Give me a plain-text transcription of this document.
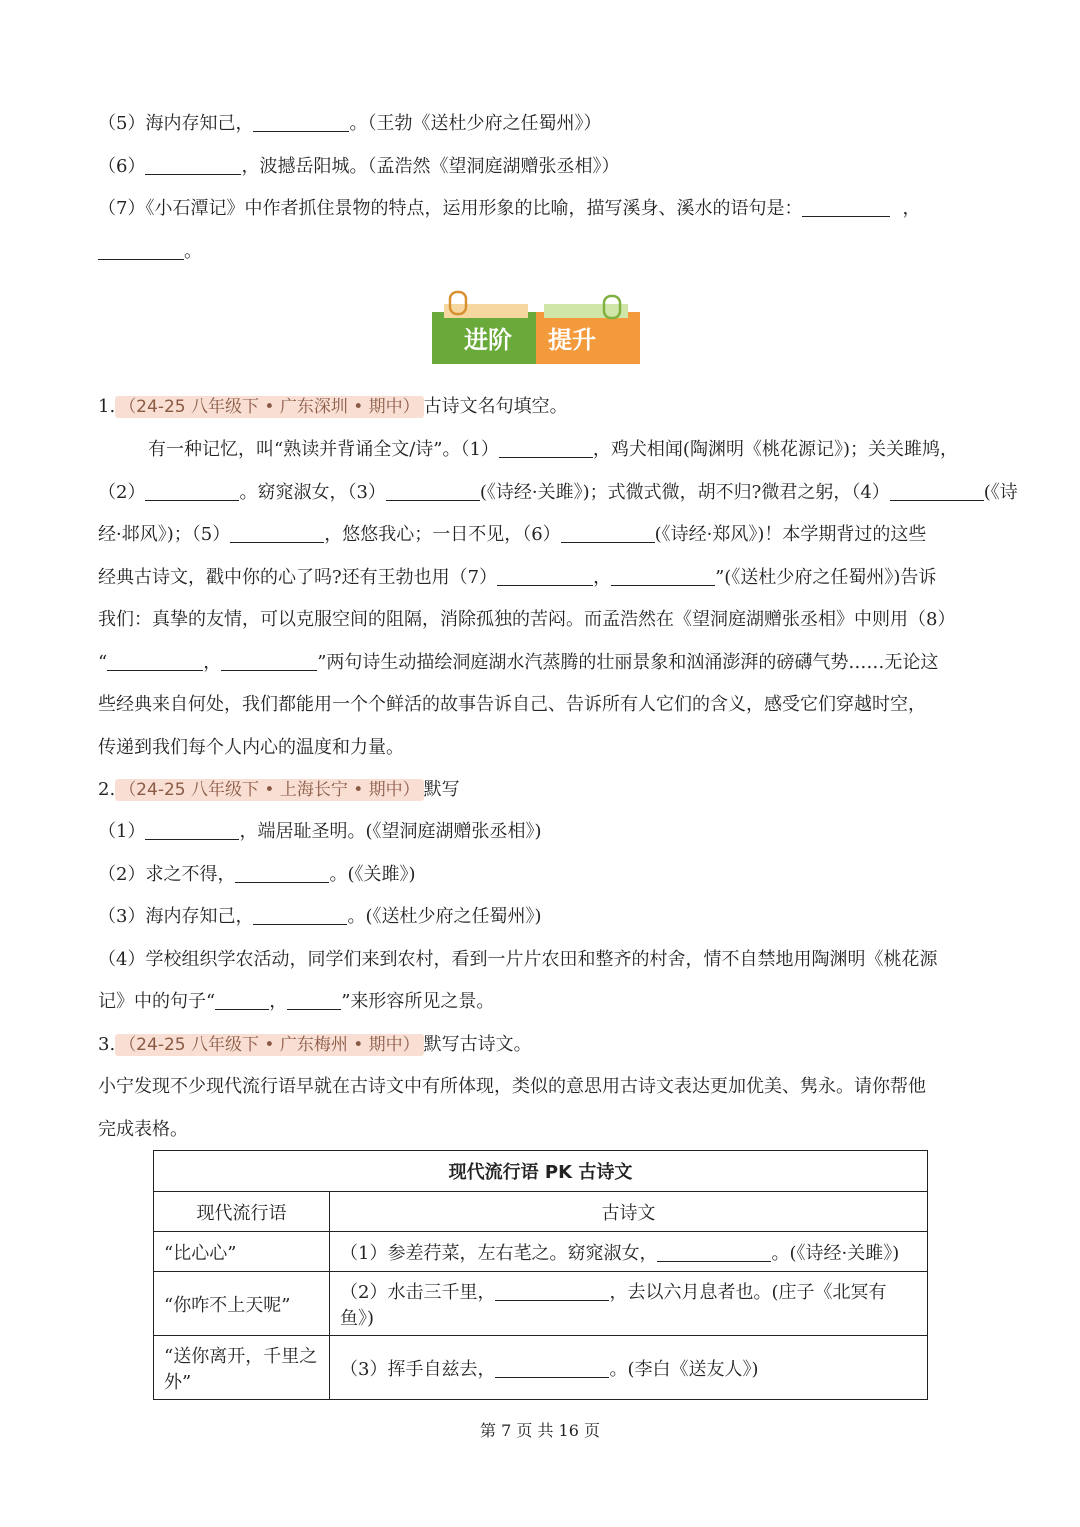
（5）海内存知己，	。（王勃《送杜少府之任蜀州》）
（6）	，波撼岳阳城。（孟浩然《望洞庭湖赠张丞相》）
（7）《小石潭记》中作者抓住景物的特点，运用形象的比喻，描写溪身、溪水的语句是：	，
。
进阶 提升
1. （24-25 八年级下 • 广东深圳 • 期中） 古诗文名句填空。
有一种记忆，叫“熟读并背诵全文/诗”。（1）	，鸡犬相闻(陶渊明《桃花源记》)；关关雎鸠，
（2）	。窈窕淑女，（3）	(《诗经·关雎》)；式微式微，胡不归?微君之躬，（4）	(《诗
经·邶风》)；（5）	，悠悠我心；一日不见，（6）	(《诗经·郑风》)！本学期背过的这些
经典古诗文，戳中你的心了吗?还有王勃也用（7）	，	”(《送杜少府之任蜀州》)告诉
我们：真挚的友情，可以克服空间的阻隔，消除孤独的苦闷。而孟浩然在《望洞庭湖赠张丞相》中则用（8）
“	，	”两句诗生动描绘洞庭湖水汽蒸腾的壮丽景象和汹涌澎湃的磅礴气势……无论这
些经典来自何处，我们都能用一个个鲜活的故事告诉自己、告诉所有人它们的含义，感受它们穿越时空，
传递到我们每个人内心的温度和力量。
2. （24-25 八年级下 • 上海长宁 • 期中） 默写
（1）	，端居耻圣明。(《望洞庭湖赠张丞相》)
（2）求之不得，	。(《关雎》)
（3）海内存知己，	。(《送杜少府之任蜀州》)
（4）学校组织学农活动，同学们来到农村，看到一片片农田和整齐的村舍，情不自禁地用陶渊明《桃花源
记》中的句子“	，	”来形容所见之景。
3. （24-25 八年级下 • 广东梅州 • 期中） 默写古诗文。
小宁发现不少现代流行语早就在古诗文中有所体现，类似的意思用古诗文表达更加优美、隽永。请你帮他
完成表格。
现代流行语 PK 古诗文	
现代流行语	古诗文
“比心心”	（1）参差荇菜，左右芼之。窈窕淑女， 。(《诗经·关雎》)
“你咋不上天呢”	（2）水击三千里， ，去以六月息者也。(庄子《北冥有鱼》)
“送你离开，千里之外”	（3）挥手自兹去， 。(李白《送友人》)
第 7 页 共 16 页
